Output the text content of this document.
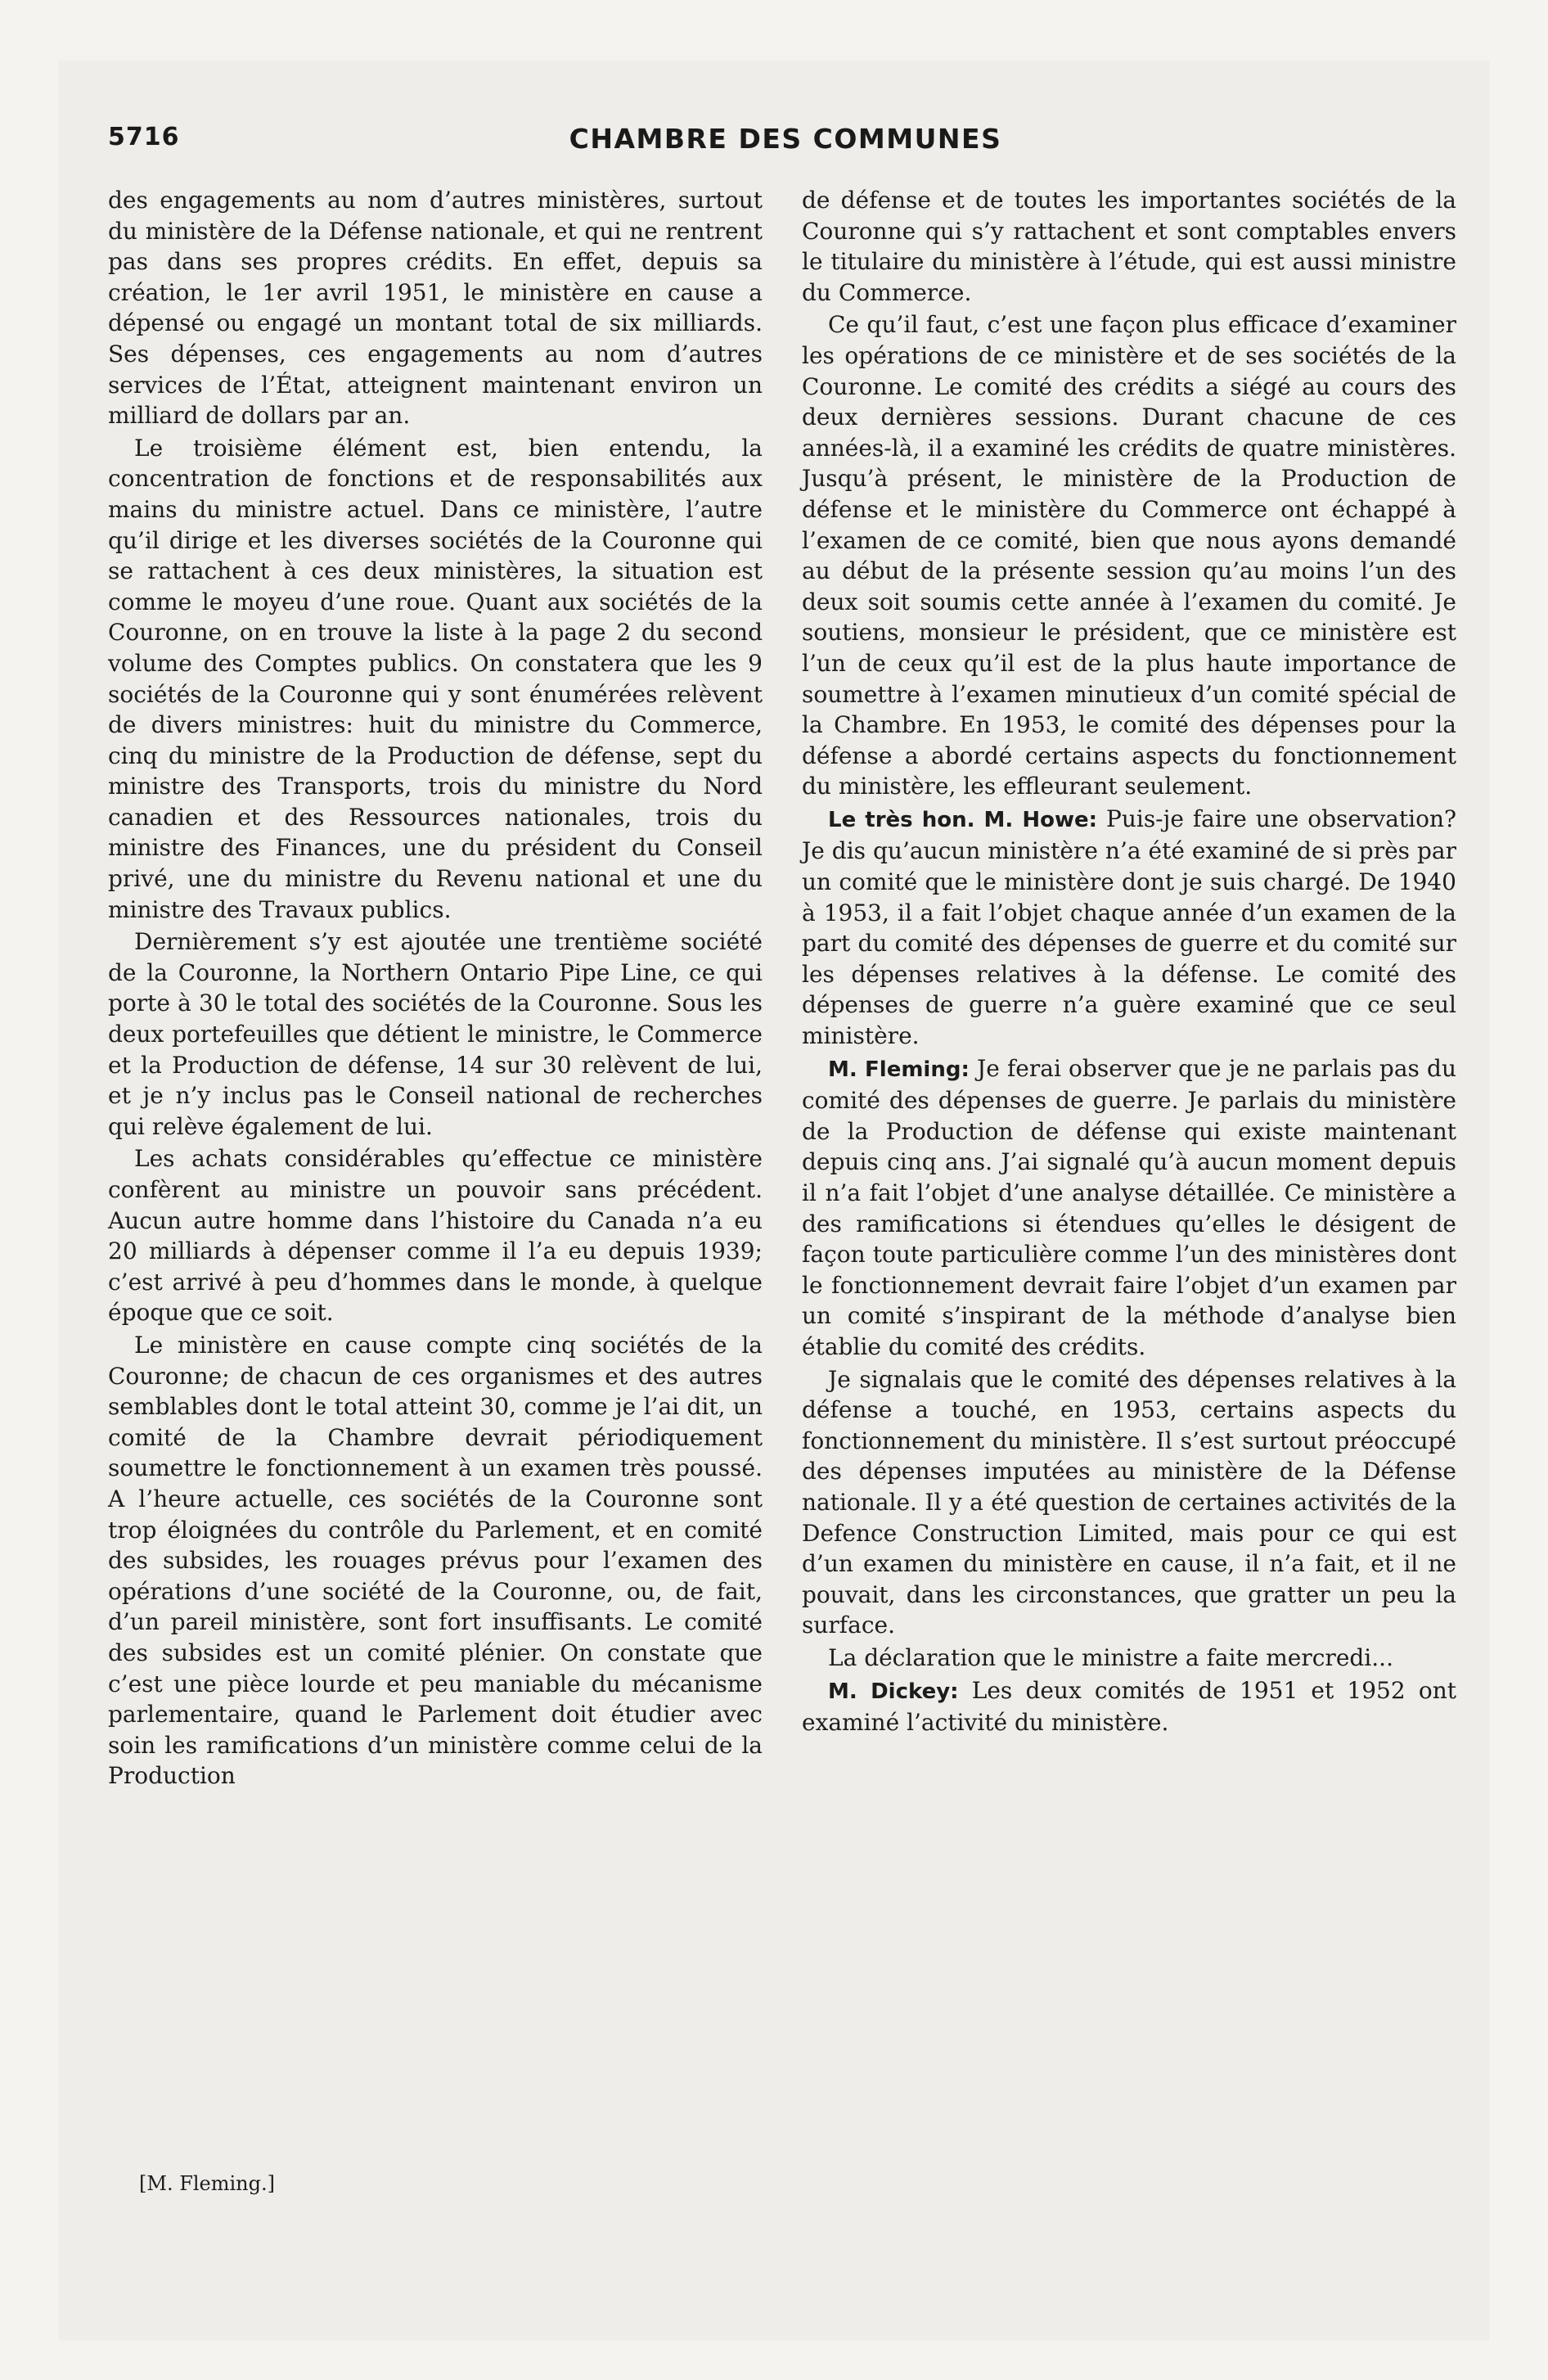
5716	CHAMBRE DES COMMUNES

des engagements au nom d’autres ministères, surtout du ministère de la Défense nationale, et qui ne rentrent pas dans ses propres crédits. En effet, depuis sa création, le 1er avril 1951, le ministère en cause a dépensé ou engagé un montant total de six milliards. Ses dépenses, ces engagements au nom d’autres services de l’État, atteignent maintenant environ un milliard de dollars par an.

Le troisième élément est, bien entendu, la concentration de fonctions et de responsabilités aux mains du ministre actuel. Dans ce ministère, l’autre qu’il dirige et les diverses sociétés de la Couronne qui se rattachent à ces deux ministères, la situation est comme le moyeu d’une roue. Quant aux sociétés de la Couronne, on en trouve la liste à la page 2 du second volume des Comptes publics. On constatera que les 9 sociétés de la Couronne qui y sont énumérées relèvent de divers ministres: huit du ministre du Commerce, cinq du ministre de la Production de défense, sept du ministre des Transports, trois du ministre du Nord canadien et des Ressources nationales, trois du ministre des Finances, une du président du Conseil privé, une du ministre du Revenu national et une du ministre des Travaux publics.

Dernièrement s’y est ajoutée une trentième société de la Couronne, la Northern Ontario Pipe Line, ce qui porte à 30 le total des sociétés de la Couronne. Sous les deux portefeuilles que détient le ministre, le Commerce et la Production de défense, 14 sur 30 relèvent de lui, et je n’y inclus pas le Conseil national de recherches qui relève également de lui.

Les achats considérables qu’effectue ce ministère confèrent au ministre un pouvoir sans précédent. Aucun autre homme dans l’histoire du Canada n’a eu 20 milliards à dépenser comme il l’a eu depuis 1939; c’est arrivé à peu d’hommes dans le monde, à quelque époque que ce soit.

Le ministère en cause compte cinq sociétés de la Couronne; de chacun de ces organismes et des autres semblables dont le total atteint 30, comme je l’ai dit, un comité de la Chambre devrait périodiquement soumettre le fonctionnement à un examen très poussé. A l’heure actuelle, ces sociétés de la Couronne sont trop éloignées du contrôle du Parlement, et en comité des subsides, les rouages prévus pour l’examen des opérations d’une société de la Couronne, ou, de fait, d’un pareil ministère, sont fort insuffisants. Le comité des subsides est un comité plénier. On constate que c’est une pièce lourde et peu maniable du mécanisme parlementaire, quand le Parlement doit étudier avec soin les ramifications d’un ministère comme celui de la Production

de défense et de toutes les importantes sociétés de la Couronne qui s’y rattachent et sont comptables envers le titulaire du ministère à l’étude, qui est aussi ministre du Commerce.

Ce qu’il faut, c’est une façon plus efficace d’examiner les opérations de ce ministère et de ses sociétés de la Couronne. Le comité des crédits a siégé au cours des deux dernières sessions. Durant chacune de ces années-là, il a examiné les crédits de quatre ministères. Jusqu’à présent, le ministère de la Production de défense et le ministère du Commerce ont échappé à l’examen de ce comité, bien que nous ayons demandé au début de la présente session qu’au moins l’un des deux soit soumis cette année à l’examen du comité. Je soutiens, monsieur le président, que ce ministère est l’un de ceux qu’il est de la plus haute importance de soumettre à l’examen minutieux d’un comité spécial de la Chambre. En 1953, le comité des dépenses pour la défense a abordé certains aspects du fonctionnement du ministère, les effleurant seulement.

Le très hon. M. Howe: Puis-je faire une observation? Je dis qu’aucun ministère n’a été examiné de si près par un comité que le ministère dont je suis chargé. De 1940 à 1953, il a fait l’objet chaque année d’un examen de la part du comité des dépenses de guerre et du comité sur les dépenses relatives à la défense. Le comité des dépenses de guerre n’a guère examiné que ce seul ministère.

M. Fleming: Je ferai observer que je ne parlais pas du comité des dépenses de guerre. Je parlais du ministère de la Production de défense qui existe maintenant depuis cinq ans. J’ai signalé qu’à aucun moment depuis il n’a fait l’objet d’une analyse détaillée. Ce ministère a des ramifications si étendues qu’elles le désigent de façon toute particulière comme l’un des ministères dont le fonctionnement devrait faire l’objet d’un examen par un comité s’inspirant de la méthode d’analyse bien établie du comité des crédits.

Je signalais que le comité des dépenses relatives à la défense a touché, en 1953, certains aspects du fonctionnement du ministère. Il s’est surtout préoccupé des dépenses imputées au ministère de la Défense nationale. Il y a été question de certaines activités de la Defence Construction Limited, mais pour ce qui est d’un examen du ministère en cause, il n’a fait, et il ne pouvait, dans les circonstances, que gratter un peu la surface.

La déclaration que le ministre a faite mercredi...

M. Dickey: Les deux comités de 1951 et 1952 ont examiné l’activité du ministère.

[M. Fleming.]
